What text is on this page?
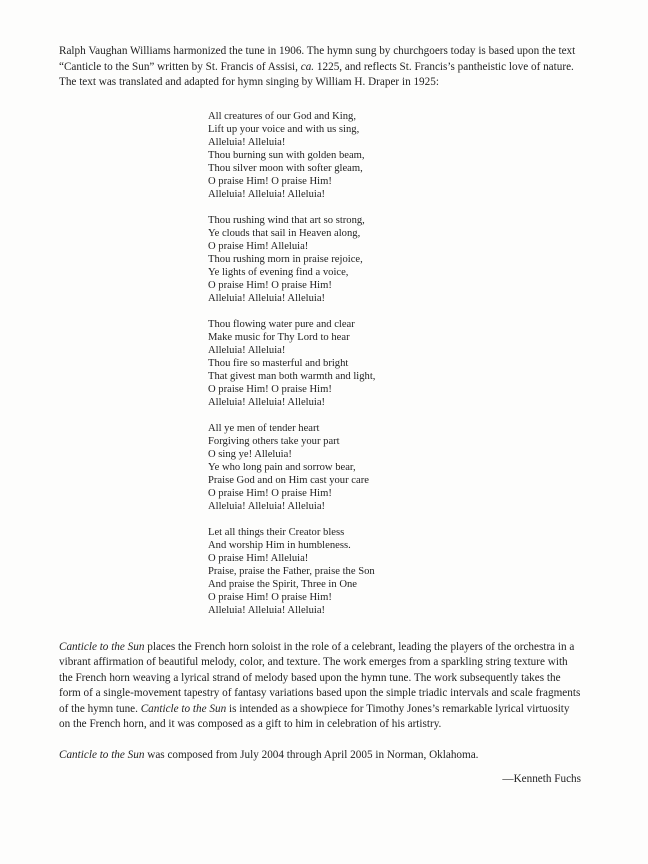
Ralph Vaughan Williams harmonized the tune in 1906. The hymn sung by churchgoers today is based upon the text “Canticle to the Sun” written by St. Francis of Assisi, ca. 1225, and reflects St. Francis’s pantheistic love of nature. The text was translated and adapted for hymn singing by William H. Draper in 1925:

All creatures of our God and King,
Lift up your voice and with us sing,
Alleluia! Alleluia!
Thou burning sun with golden beam,
Thou silver moon with softer gleam,
O praise Him! O praise Him!
Alleluia! Alleluia! Alleluia!
Thou rushing wind that art so strong,
Ye clouds that sail in Heaven along,
O praise Him! Alleluia!
Thou rushing morn in praise rejoice,
Ye lights of evening find a voice,
O praise Him! O praise Him!
Alleluia! Alleluia! Alleluia!
Thou flowing water pure and clear
Make music for Thy Lord to hear
Alleluia! Alleluia!
Thou fire so masterful and bright
That givest man both warmth and light,
O praise Him! O praise Him!
Alleluia! Alleluia! Alleluia!
All ye men of tender heart
Forgiving others take your part
O sing ye! Alleluia!
Ye who long pain and sorrow bear,
Praise God and on Him cast your care
O praise Him! O praise Him!
Alleluia! Alleluia! Alleluia!
Let all things their Creator bless
And worship Him in humbleness.
O praise Him! Alleluia!
Praise, praise the Father, praise the Son
And praise the Spirit, Three in One
O praise Him! O praise Him!
Alleluia! Alleluia! Alleluia!

Canticle to the Sun places the French horn soloist in the role of a celebrant, leading the players of the orchestra in a vibrant affirmation of beautiful melody, color, and texture. The work emerges from a sparkling string texture with the French horn weaving a lyrical strand of melody based upon the hymn tune. The work subsequently takes the form of a single-movement tapestry of fantasy variations based upon the simple triadic intervals and scale fragments of the hymn tune. Canticle to the Sun is intended as a showpiece for Timothy Jones’s remarkable lyrical virtuosity on the French horn, and it was composed as a gift to him in celebration of his artistry.

Canticle to the Sun was composed from July 2004 through April 2005 in Norman, Oklahoma.

—Kenneth Fuchs
